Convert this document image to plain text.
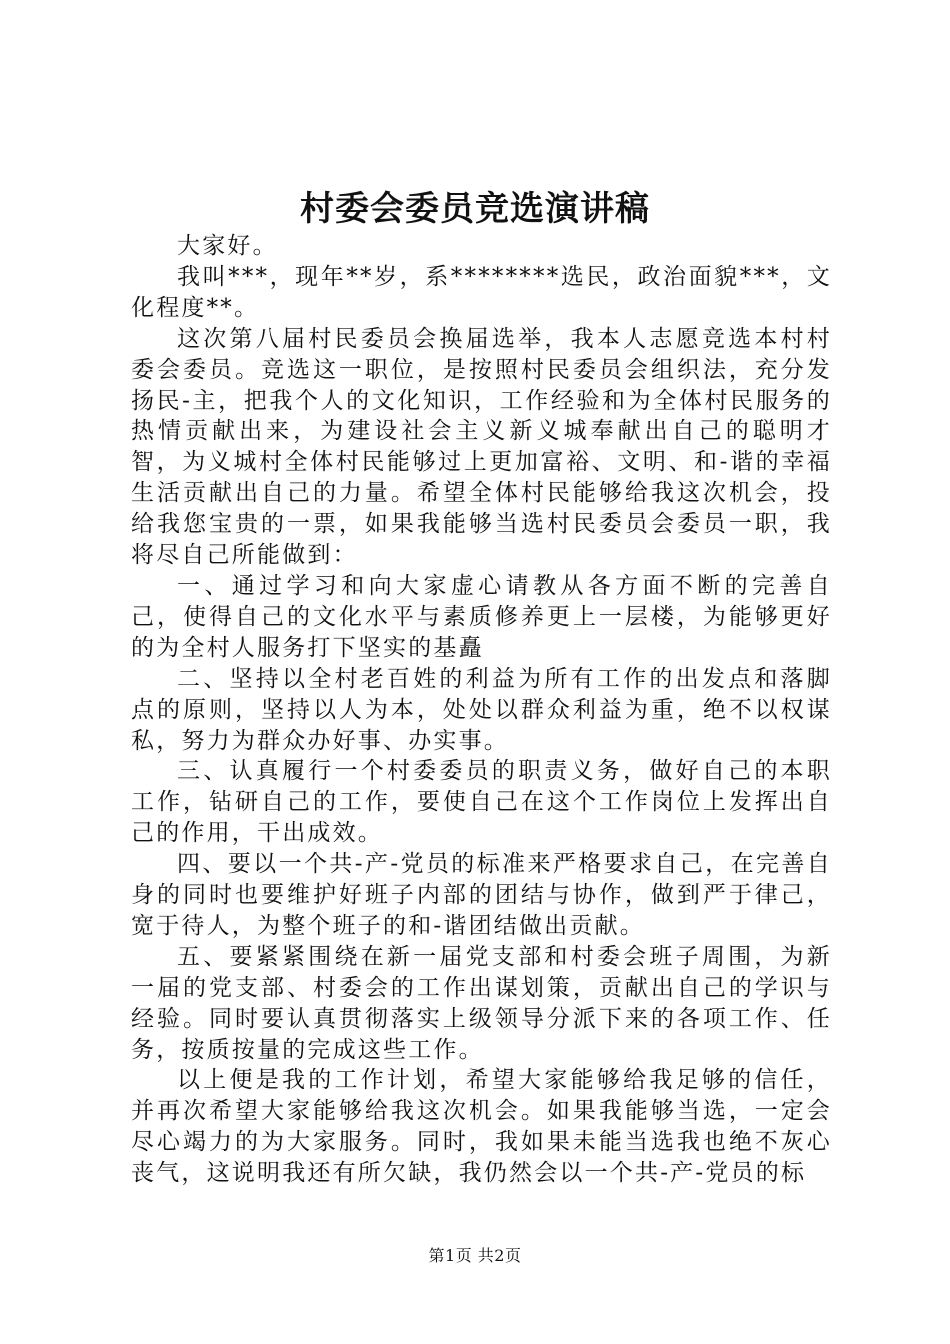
村委会委员竞选演讲稿

大家好。

我叫***，现年**岁，系********选民，政治面貌***，文化程度**。

这次第八届村民委员会换届选举，我本人志愿竞选本村村委会委员。竞选这一职位，是按照村民委员会组织法，充分发扬民-主，把我个人的文化知识，工作经验和为全体村民服务的热情贡献出来，为建设社会主义新义城奉献出自己的聪明才智，为义城村全体村民能够过上更加富裕、文明、和-谐的幸福生活贡献出自己的力量。希望全体村民能够给我这次机会，投给我您宝贵的一票，如果我能够当选村民委员会委员一职，我将尽自己所能做到：

一、通过学习和向大家虚心请教从各方面不断的完善自己，使得自己的文化水平与素质修养更上一层楼，为能够更好的为全村人服务打下坚实的基矗

二、坚持以全村老百姓的利益为所有工作的出发点和落脚点的原则，坚持以人为本，处处以群众利益为重，绝不以权谋私，努力为群众办好事、办实事。

三、认真履行一个村委委员的职责义务，做好自己的本职工作，钻研自己的工作，要使自己在这个工作岗位上发挥出自己的作用，干出成效。

四、要以一个共-产-党员的标准来严格要求自己，在完善自身的同时也要维护好班子内部的团结与协作，做到严于律己，宽于待人，为整个班子的和-谐团结做出贡献。

五、要紧紧围绕在新一届党支部和村委会班子周围，为新一届的党支部、村委会的工作出谋划策，贡献出自己的学识与经验。同时要认真贯彻落实上级领导分派下来的各项工作、任务，按质按量的完成这些工作。

以上便是我的工作计划，希望大家能够给我足够的信任，并再次希望大家能够给我这次机会。如果我能够当选，一定会尽心竭力的为大家服务。同时，我如果未能当选我也绝不灰心丧气，这说明我还有所欠缺，我仍然会以一个共-产-党员的标

第1页 共2页
